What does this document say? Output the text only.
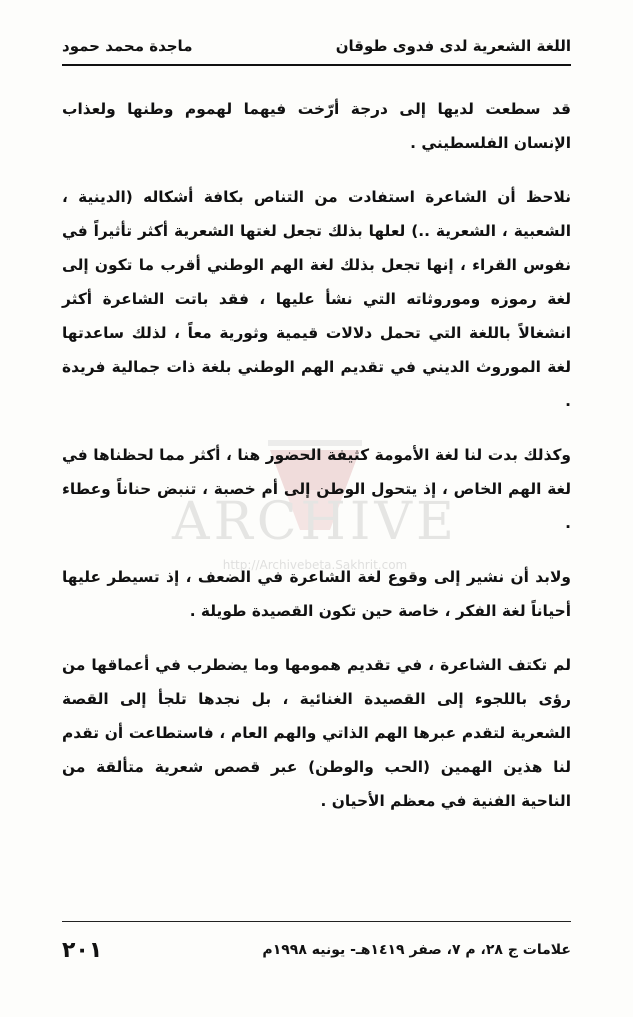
اللغة الشعرية لدى فدوى طوقان
ماجدة محمد حمود
ARCHIVE
http://Archivebeta.Sakhrit.com

قد سطعت لديها إلى درجة أرّخت فيهما لهموم وطنها ولعذاب الإنسان الفلسطيني .

نلاحظ أن الشاعرة استفادت من التناص بكافة أشكاله (الدينية ، الشعبية ، الشعرية ..) لعلها بذلك تجعل لغتها الشعرية أكثر تأثيراً في نفوس القراء ، إنها تجعل بذلك لغة الهم الوطني أقرب ما تكون إلى لغة رموزه وموروثاته التي نشأ عليها ، فقد باتت الشاعرة أكثر انشغالاً باللغة التي تحمل دلالات قيمية وثورية معاً ، لذلك ساعدتها لغة الموروث الديني في تقديم الهم الوطني بلغة ذات جمالية فريدة .

وكذلك بدت لنا لغة الأمومة كثيفة الحضور هنا ، أكثر مما لحظناها في لغة الهم الخاص ، إذ يتحول الوطن إلى أم خصبة ، تنبض حناناً وعطاء .

ولابد أن نشير إلى وقوع لغة الشاعرة في الضعف ، إذ تسيطر عليها أحياناً لغة الفكر ، خاصة حين تكون القصيدة طويلة .

لم تكتف الشاعرة ، في تقديم همومها وما يضطرب في أعماقها من رؤى باللجوء إلى القصيدة الغنائية ، بل نجدها تلجأ إلى القصة الشعرية لتقدم عبرها الهم الذاتي والهم العام ، فاستطاعت أن تقدم لنا هذين الهمين (الحب والوطن) عبر قصص شعرية متألقة من الناحية الفنية في معظم الأحيان .

علامات ج ٢٨، م ٧، صفر ١٤١٩هـ- يونيه ١٩٩٨م
٢٠١
